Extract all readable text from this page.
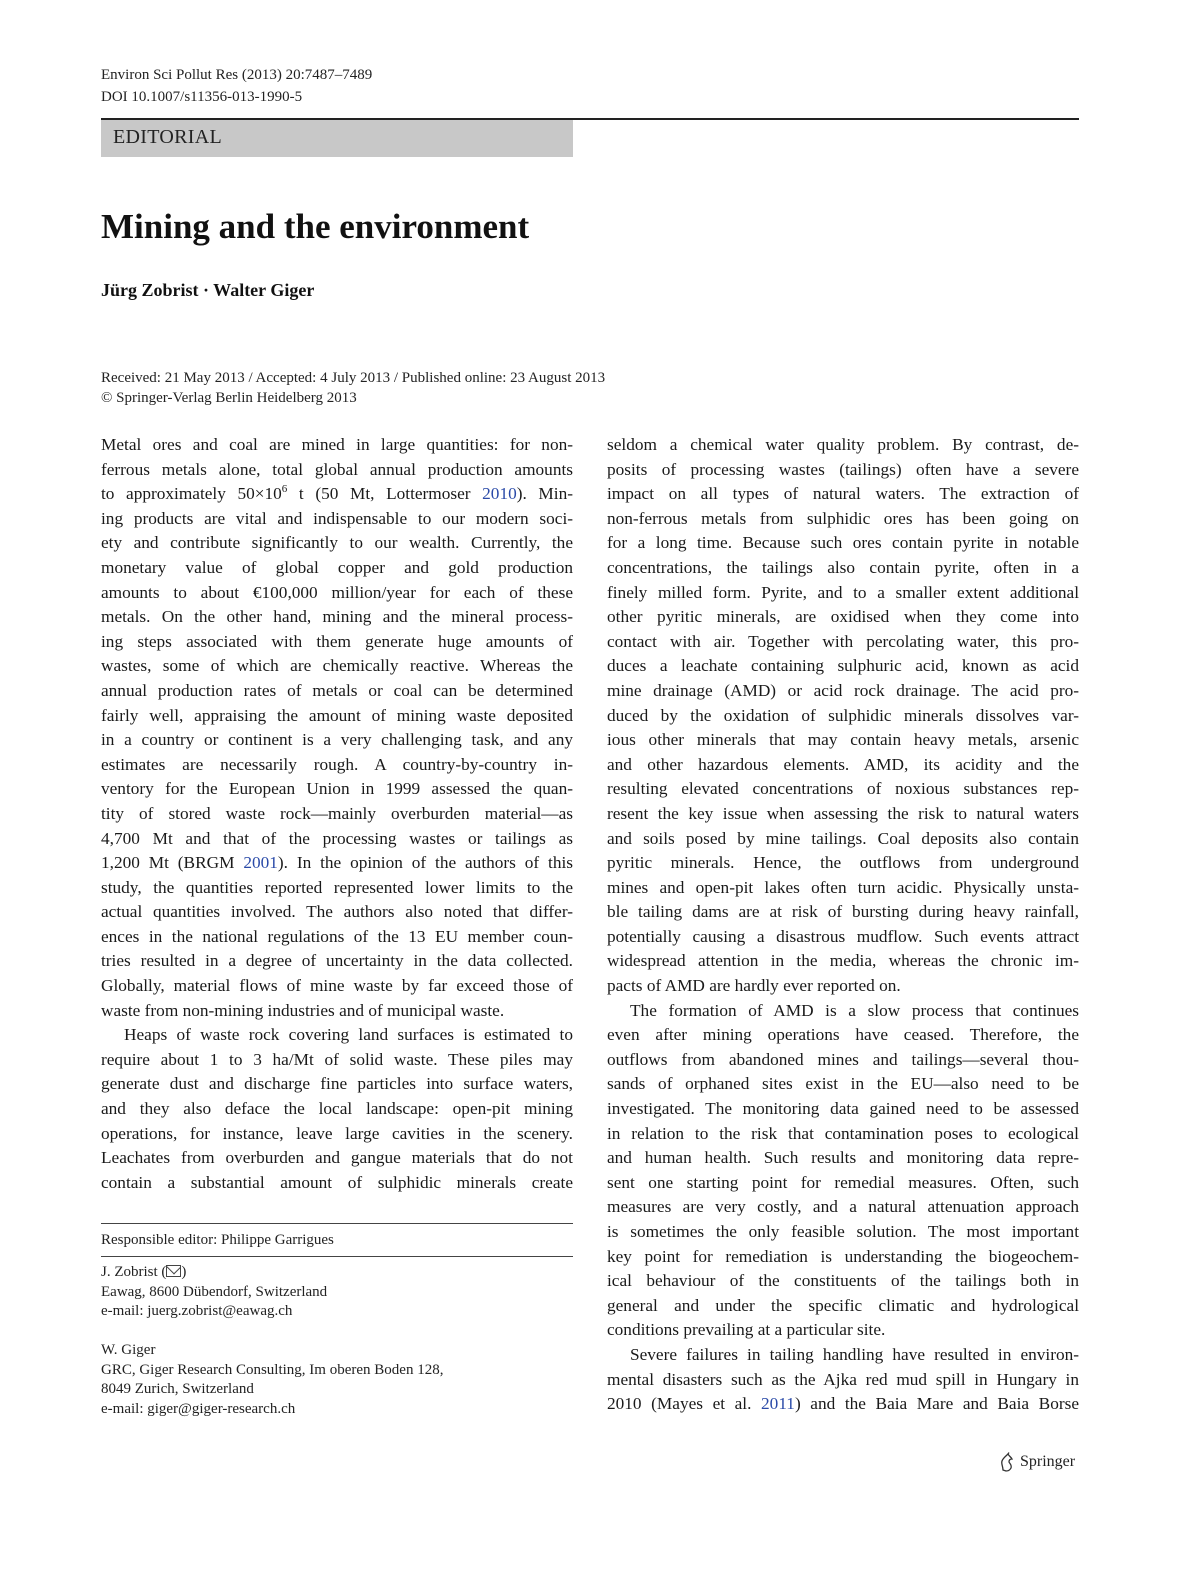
Environ Sci Pollut Res (2013) 20:7487–7489
DOI 10.1007/s11356-013-1990-5
EDITORIAL
Mining and the environment
Jürg Zobrist · Walter Giger
Received: 21 May 2013 / Accepted: 4 July 2013 / Published online: 23 August 2013
© Springer-Verlag Berlin Heidelberg 2013

Metal ores and coal are mined in large quantities: for non-
ferrous metals alone, total global annual production amounts
to approximately $50\times 10^6$ t (50 Mt, Lottermoser 2010). Min-
ing products are vital and indispensable to our modern soci-
ety and contribute significantly to our wealth. Currently, the
monetary value of global copper and gold production
amounts to about €100,000 million/year for each of these
metals. On the other hand, mining and the mineral process-
ing steps associated with them generate huge amounts of
wastes, some of which are chemically reactive. Whereas the
annual production rates of metals or coal can be determined
fairly well, appraising the amount of mining waste deposited
in a country or continent is a very challenging task, and any
estimates are necessarily rough. A country-by-country in-
ventory for the European Union in 1999 assessed the quan-
tity of stored waste rock—mainly overburden material—as
4,700 Mt and that of the processing wastes or tailings as
1,200 Mt (BRGM 2001). In the opinion of the authors of this
study, the quantities reported represented lower limits to the
actual quantities involved. The authors also noted that differ-
ences in the national regulations of the 13 EU member coun-
tries resulted in a degree of uncertainty in the data collected.
Globally, material flows of mine waste by far exceed those of
waste from non-mining industries and of municipal waste.

Heaps of waste rock covering land surfaces is estimated to
require about 1 to 3 ha/Mt of solid waste. These piles may
generate dust and discharge fine particles into surface waters,
and they also deface the local landscape: open-pit mining
operations, for instance, leave large cavities in the scenery.
Leachates from overburden and gangue materials that do not
contain a substantial amount of sulphidic minerals create

Responsible editor: Philippe Garrigues
J. Zobrist ( )
Eawag, 8600 Dübendorf, Switzerland
e-mail: juerg.zobrist@eawag.ch
W. Giger
GRC, Giger Research Consulting, Im oberen Boden 128,
8049 Zurich, Switzerland
e-mail: giger@giger-research.ch

seldom a chemical water quality problem. By contrast, de-
posits of processing wastes (tailings) often have a severe
impact on all types of natural waters. The extraction of
non-ferrous metals from sulphidic ores has been going on
for a long time. Because such ores contain pyrite in notable
concentrations, the tailings also contain pyrite, often in a
finely milled form. Pyrite, and to a smaller extent additional
other pyritic minerals, are oxidised when they come into
contact with air. Together with percolating water, this pro-
duces a leachate containing sulphuric acid, known as acid
mine drainage (AMD) or acid rock drainage. The acid pro-
duced by the oxidation of sulphidic minerals dissolves var-
ious other minerals that may contain heavy metals, arsenic
and other hazardous elements. AMD, its acidity and the
resulting elevated concentrations of noxious substances rep-
resent the key issue when assessing the risk to natural waters
and soils posed by mine tailings. Coal deposits also contain
pyritic minerals. Hence, the outflows from underground
mines and open-pit lakes often turn acidic. Physically unsta-
ble tailing dams are at risk of bursting during heavy rainfall,
potentially causing a disastrous mudflow. Such events attract
widespread attention in the media, whereas the chronic im-
pacts of AMD are hardly ever reported on.

The formation of AMD is a slow process that continues
even after mining operations have ceased. Therefore, the
outflows from abandoned mines and tailings—several thou-
sands of orphaned sites exist in the EU—also need to be
investigated. The monitoring data gained need to be assessed
in relation to the risk that contamination poses to ecological
and human health. Such results and monitoring data repre-
sent one starting point for remedial measures. Often, such
measures are very costly, and a natural attenuation approach
is sometimes the only feasible solution. The most important
key point for remediation is understanding the biogeochem-
ical behaviour of the constituents of the tailings both in
general and under the specific climatic and hydrological
conditions prevailing at a particular site.

Severe failures in tailing handling have resulted in environ-
mental disasters such as the Ajka red mud spill in Hungary in
2010 (Mayes et al. 2011) and the Baia Mare and Baia Borse

Springer
